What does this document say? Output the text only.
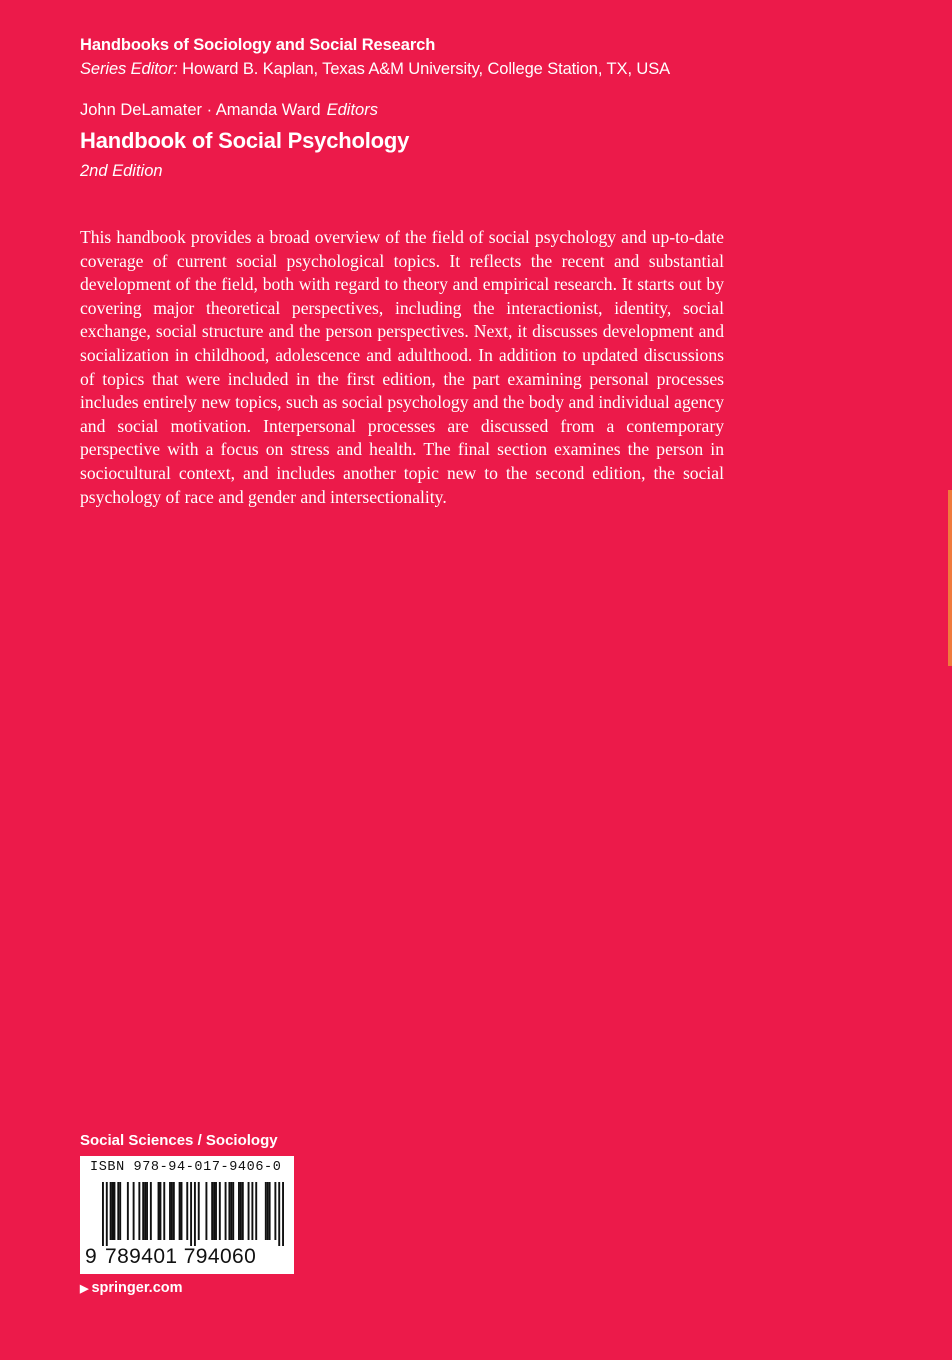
Handbooks of Sociology and Social Research
Series Editor: Howard B. Kaplan, Texas A&M University, College Station, TX, USA
John DeLamater · Amanda Ward Editors
Handbook of Social Psychology
2nd Edition

This handbook provides a broad overview of the field of social psychology and up-to-date coverage of current social psychological topics. It reflects the recent and substantial development of the field, both with regard to theory and empirical research. It starts out by covering major theoretical perspectives, including the interactionist, identity, social exchange, social structure and the person perspectives. Next, it discusses development and socialization in childhood, adolescence and adulthood. In addition to updated discussions of topics that were included in the first edition, the part examining personal processes includes entirely new topics, such as social psychology and the body and individual agency and social motivation. Interpersonal processes are discussed from a contemporary perspective with a focus on stress and health. The final section examines the person in sociocultural context, and includes another topic new to the second edition, the social psychology of race and gender and intersectionality.

Social Sciences / Sociology
ISBN 978-94-017-9406-0
9 789401 794060
▶ springer.com
